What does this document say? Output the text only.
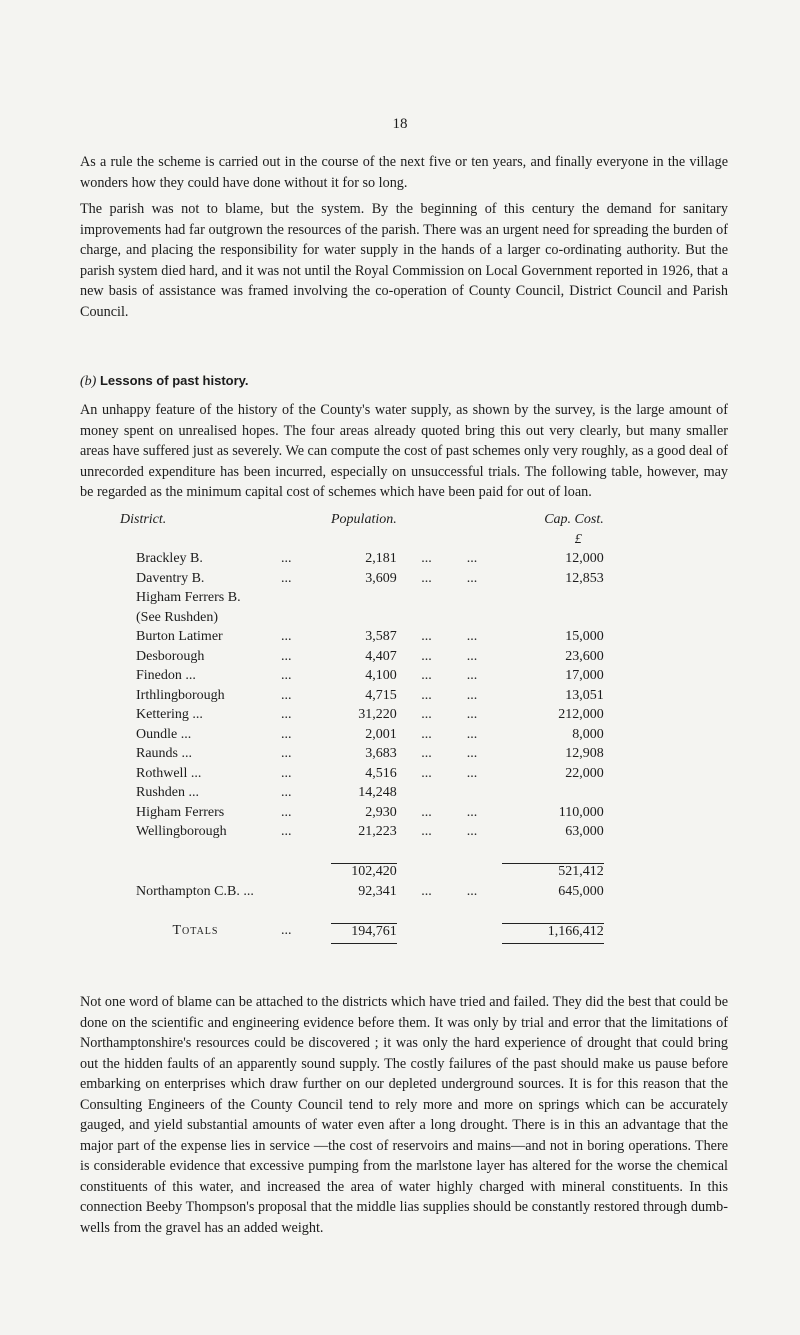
18

As a rule the scheme is carried out in the course of the next five or ten years, and finally everyone in the village wonders how they could have done without it for so long.

The parish was not to blame, but the system. By the beginning of this century the demand for sanitary improvements had far outgrown the resources of the parish. There was an urgent need for spreading the burden of charge, and placing the responsibility for water supply in the hands of a larger co-ordinating authority. But the parish system died hard, and it was not until the Royal Commission on Local Government reported in 1926, that a new basis of assistance was framed involving the co-operation of County Council, District Council and Parish Council.

(b) Lessons of past history.

An unhappy feature of the history of the County's water supply, as shown by the survey, is the large amount of money spent on unrealised hopes. The four areas already quoted bring this out very clearly, but many smaller areas have suffered just as severely. We can compute the cost of past schemes only very roughly, as a good deal of unrecorded expenditure has been incurred, especially on unsuccessful trials. The following table, however, may be regarded as the minimum capital cost of schemes which have been paid for out of loan.

District.		Population.		Cap. Cost.
				£
Brackley B.	...	2,181	...          ...	12,000
Daventry B.	...	3,609	...          ...	12,853
Higham Ferrers B.				
(See Rushden)				
Burton Latimer	...	3,587	...          ...	15,000
Desborough	...	4,407	...          ...	23,600
Finedon ...	...	4,100	...          ...	17,000
Irthlingborough	...	4,715	...          ...	13,051
Kettering ...	...	31,220	...          ...	212,000
Oundle ...	...	2,001	...          ...	8,000
Raunds ...	...	3,683	...          ...	12,908
Rothwell ...	...	4,516	...          ...	22,000
Rushden ...	...	14,248		
Higham Ferrers	...	2,930	...          ...	110,000
Wellingborough	...	21,223	...          ...	63,000

		102,420		521,412
Northampton C.B. ...		92,341	...          ...	645,000

Totals	...	194,761		1,166,412

Not one word of blame can be attached to the districts which have tried and failed. They did the best that could be done on the scientific and engineering evidence before them. It was only by trial and error that the limitations of Northamptonshire's resources could be discovered ; it was only the hard experience of drought that could bring out the hidden faults of an apparently sound supply. The costly failures of the past should make us pause before embarking on enterprises which draw further on our depleted underground sources. It is for this reason that the Consulting Engineers of the County Council tend to rely more and more on springs which can be accurately gauged, and yield substantial amounts of water even after a long drought. There is in this an advantage that the major part of the expense lies in service —the cost of reservoirs and mains—and not in boring operations. There is considerable evidence that excessive pumping from the marlstone layer has altered for the worse the chemical constituents of this water, and increased the area of water highly charged with mineral constituents. In this connection Beeby Thompson's proposal that the middle lias supplies should be constantly restored through dumb-wells from the gravel has an added weight.
